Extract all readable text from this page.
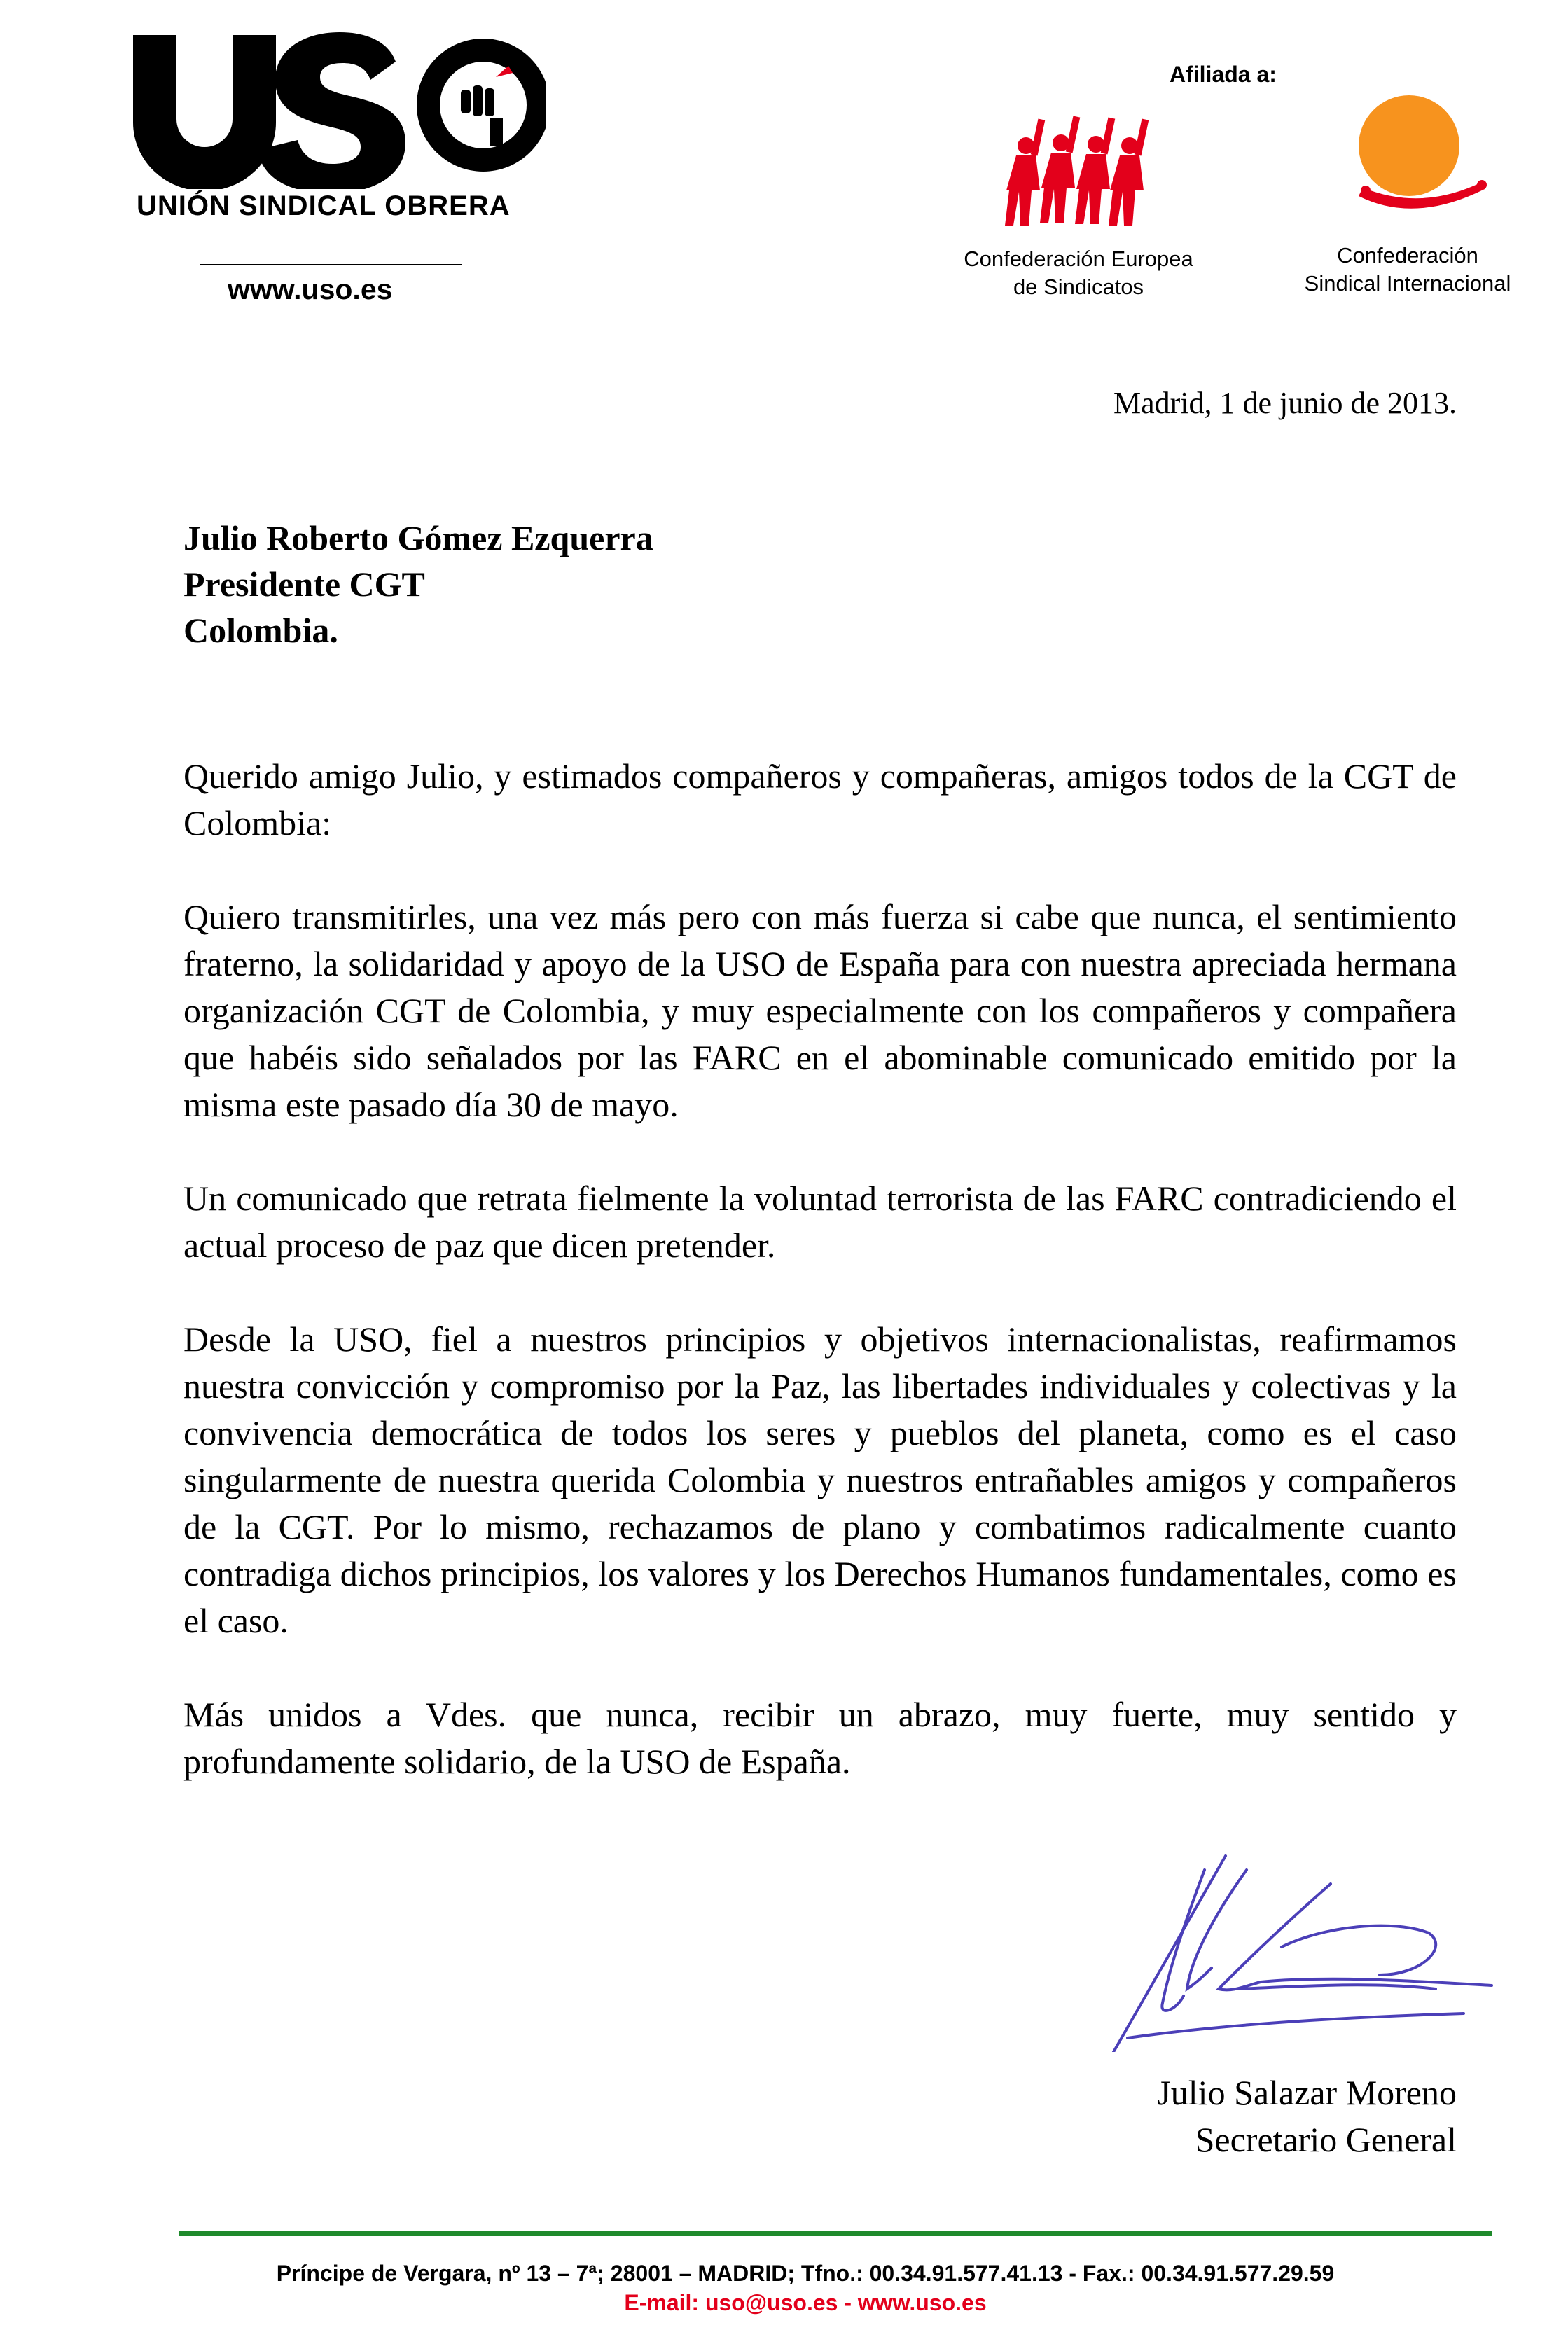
UNIÓN SINDICAL OBRERA
www.uso.es
Afiliada a:
Confederación Europea
de Sindicatos
Confederación
Sindical Internacional
Madrid, 1 de junio de 2013.
Julio Roberto Gómez Ezquerra
Presidente CGT
Colombia.

Querido amigo Julio, y estimados compañeros y compañeras, amigos todos de la CGT de Colombia:

Quiero transmitirles, una vez más pero con más fuerza si cabe que nunca, el sentimiento fraterno, la solidaridad y apoyo de la USO de España para con nuestra apreciada hermana organización CGT de Colombia, y muy especialmente con los compañeros y compañera que habéis sido señalados por las FARC en el abominable comunicado emitido por la misma este pasado día 30 de mayo.

Un comunicado que retrata fielmente la voluntad terrorista de las FARC contradiciendo el actual proceso de paz que dicen pretender.

Desde la USO, fiel a nuestros principios y objetivos internacionalistas, reafirmamos nuestra convicción y compromiso por la Paz, las libertades individuales y colectivas y la convivencia democrática de todos los seres y pueblos del planeta, como es el caso singularmente de nuestra querida Colombia y nuestros entrañables amigos y compañeros de la CGT. Por lo mismo, rechazamos de plano y combatimos radicalmente cuanto contradiga dichos principios, los valores y los Derechos Humanos fundamentales, como es el caso.

Más unidos a Vdes. que nunca, recibir un abrazo, muy fuerte, muy sentido y profundamente solidario, de la USO de España.

Julio Salazar Moreno
Secretario General
Príncipe de Vergara, nº 13 – 7ª; 28001 – MADRID; Tfno.: 00.34.91.577.41.13 - Fax.: 00.34.91.577.29.59
E-mail: uso@uso.es - www.uso.es
